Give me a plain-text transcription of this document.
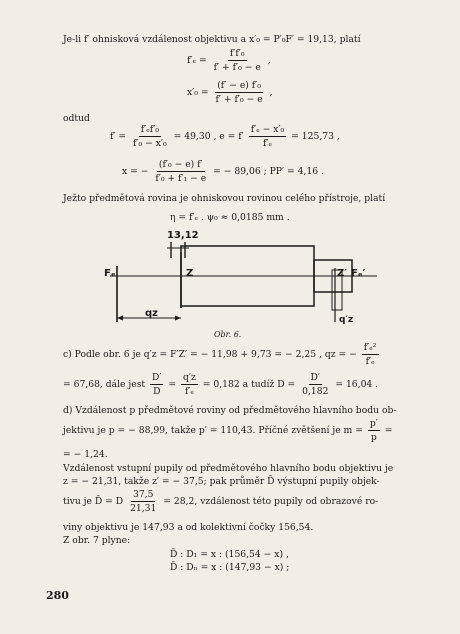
Je-li f′ ohnisková vzdálenost objektivu a x′₀ = P′₀F′ = 19,13, platí
$f'_e = \frac{\text{f′f′₀}}{\text{f′ + f′₀ − e}}$ ,
$x'_0 = \frac{\text{(f′ − e) f′₀}}{\text{f′ + f′₀ − e}}$ ,
odtud
$f' = \frac{\text{f′ₑf′₀}}{\text{f′₀ − x′₀}} = 49,30$ , $e = f' \frac{\text{f′ₑ − x′₀}}{\text{f′ₑ}} = 125,73$ ,
x = − $\frac{\text{(f′₀ − e) f′}}{\text{f′₀ + f′₁ − e}}$ = − 89,06 ; PP′ = 4,16 .
Ježto předmětová rovina je ohniskovou rovinou celého přístroje, platí
η = f′ₑ . ψ₀ ≈ 0,0185 mm .
13,12
Fₑ	Z
qz
Z′ Fₑ′
q′z
Obr. 6.
c) Podle obr. 6 je q′z = F′Z′ = − 11,98 + 9,73 = − 2,25 , qz = − $\frac{\text{f′ₑ²}}{\text{f′ₑ}}$
= 67,68, dále jest $\frac{D'}{D} = \frac{q'z}{\text{f′ₑ}} = 0,182$ a tudíž $D = \frac{D'}{0,182} = 16,04$ .
d) Vzdálenost p předmětové roviny od předmětového hlavního bodu ob-
jektivu je p = − 88,99, takže p′ = 110,43. Příčné zvětšení je $m = \frac{p'}{p}$ =
= − 1,24.
Vzdálenost vstupní pupily od předmětového hlavního bodu objektivu je
z = − 21,31, takže z′ = − 37,5; pak průměr D̄ výstupní pupily objek-
tivu je D̄ = D $\frac{37,5}{21,31} = 28,2$, vzdálenost této pupily od obrazové ro-
viny objektivu je 147,93 a od kolektivní čočky 156,54.
Z obr. 7 plyne:
D̄ : D₁ = x : (156,54 − x) ,
D̄ : Dₙ = x : (147,93 − x) ;
280
